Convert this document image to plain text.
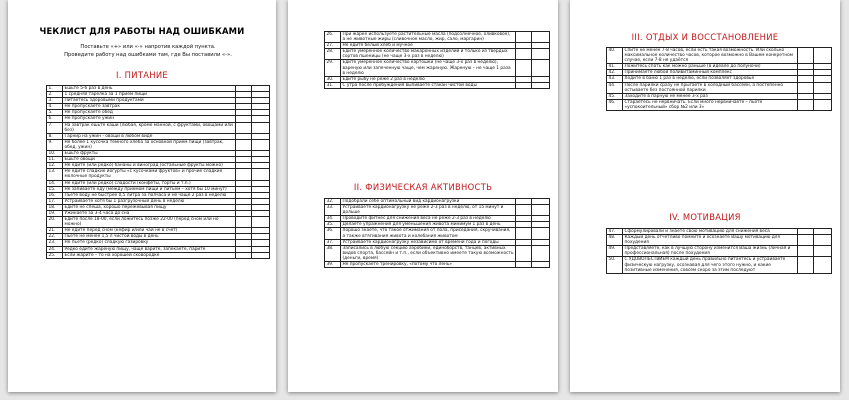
ЧЕКЛИСТ ДЛЯ РАБОТЫ НАД ОШИБКАМИ
Поставьте «+» или «-» напротив каждой пункта.
Проведите работу над ошибками там, где Вы поставили «-».
I. ПИТАНИЕ
1.	Ешьте 5-6 раз в день		
2.	1 средняя тарелка за 1 приём пищи		
3.	Питаетесь здоровыми продуктами		
4.	Не пропускаете завтрак		
5.	Не пропускаете обед		
6.	Не пропускаете ужин		
7.	На завтрак ешьте каши (любая, кроме манной, с фруктами, овощами или без)		
8.	Гарнир на ужин - овощи в любом виде		
9.	Не более 1 кусочка темного хлеба за основной приём пищи (завтрак, обед, ужин)		
10.	Ешьте фрукты		
11.	Ешьте овощи		
12.	Не едите (или редко) бананы и виноград (остальные фрукты можно)		
13.	Не едите сладкие йогурты «с кусочками фруктов» и прочие сладкие молочные продукты		
14.	Не едите (или редко) сладости (конфеты, торты и т.п.)		
15.	Не запиваете еду (между приёмом пищи и питьём – хотя бы 10 минут)		
16.	Пьёте воду не быстрее 0,5 литра за полчаса и не чаще 2 раз в неделю		
17.	Устраиваете хотя бы 1 разгрузочный день в неделю		
18.	Едите не спеша, хорошо пережёвывая пищу		
19.	Ужинаете за 3-4 часа до сна		
20.	Едите после 18-00, если ложитесь позже 22-00 (перед сном или но можно)		
21.	Не едите перед сном (кефир и/или чай не в счёт)		
22.	Пьёте не менее 1,5 л чистой воды в день		
23.	Не пьёте (редко) сладкую газировку		
24.	Редко едите жареную пищу, чаще варите, запекаете, парите		
25.	Если жарите – то на хорошей сковородке		
26.	При жарке используете растительные масла (подсолнечное, оливковое), а не животные жиры (сливочное масло, жир, сало, маргарин)		
27.	Не едите белый хлеб и мучное		
28.	Едите умеренное количество макаронных изделий и только из твёрдых сортов пшеницы (не чаще 3-х раз в неделю)		
29.	Едите умеренное количество картошки (не чаще 3-х раз в неделю), вареную или запеченную чаще, чем жареную. Жареную – не чаще 1 раза в неделю		
30.	Едите рыбу не реже 2 раз в неделю		
31.	С утра после пробуждения выпиваете стакан чистой воды		
II. ФИЗИЧЕСКАЯ АКТИВНОСТЬ
32.	Подобрали себе оптимальный вид кардионагрузки		
33.	Устраиваете кардионагрузку не реже 2-3 раз в неделю, от 15 минут и дольше		
34.	Проводите фитнес для снижения веса не реже 2-3 раз в неделю		
35.	Делаете упражнения для уменьшения живота минимум 1 раз в день		
36.	Хорошо знаете, что такое отжимания от пола, приседания, скручивания, а также втягивания живота и колебания животом		
37.	Устраиваете кардионагрузку независимо от времени года и погоды		
38.	Записались в любую секцию аэробики, единоборств, танцев, активных видов спорта, бассейн и т.п., если объективно имеете такую возможность (деньги, время)		
39.	Не пропускаете тренировку, «потому что лень»		
III. ОТДЫХ И ВОССТАНОВЛЕНИЕ
40.	Спите не менее 7-8 часов, если есть такая возможность. Или сколько максимальное количество часов, которое возможно в Вашем конкретном случае, если 7-8 не удаётся		
41.	Ложитесь спать как можно раньше (в идеале до полуночи)		
42.	Принимаете любой поливитаминный комплекс		
43.	Ходите в баню 1 раз в неделю, если позволяет здоровье		
44.	После парилки сразу не прыгаете в холодный бассейн, а постепенно остываете без постоянной парилки		
45.	Заходите в парную не менее 3-х раз		
46.	Стараетесь не нервничать. Если много нервничаете – пьёте «успокоительный» сбор №2 или 3»		
IV. МОТИВАЦИЯ
47.	Сформулировали и знаете свою мотивацию для снижения веса		
48.	Каждый день отчётливо помните и осознаёте Вашу мотивацию для похудения		
49.	Представляете, как в лучшую сторону изменится Ваша жизнь (личная и профессиональная) после похудения		
50.	С УДОВОЛЬСТВИЕМ каждый день правильно питаетесь и устраиваете физическую нагрузку, осознавая для чего этого нужно, и какие позитивные изменения, совсем скоро за этим последуют		
